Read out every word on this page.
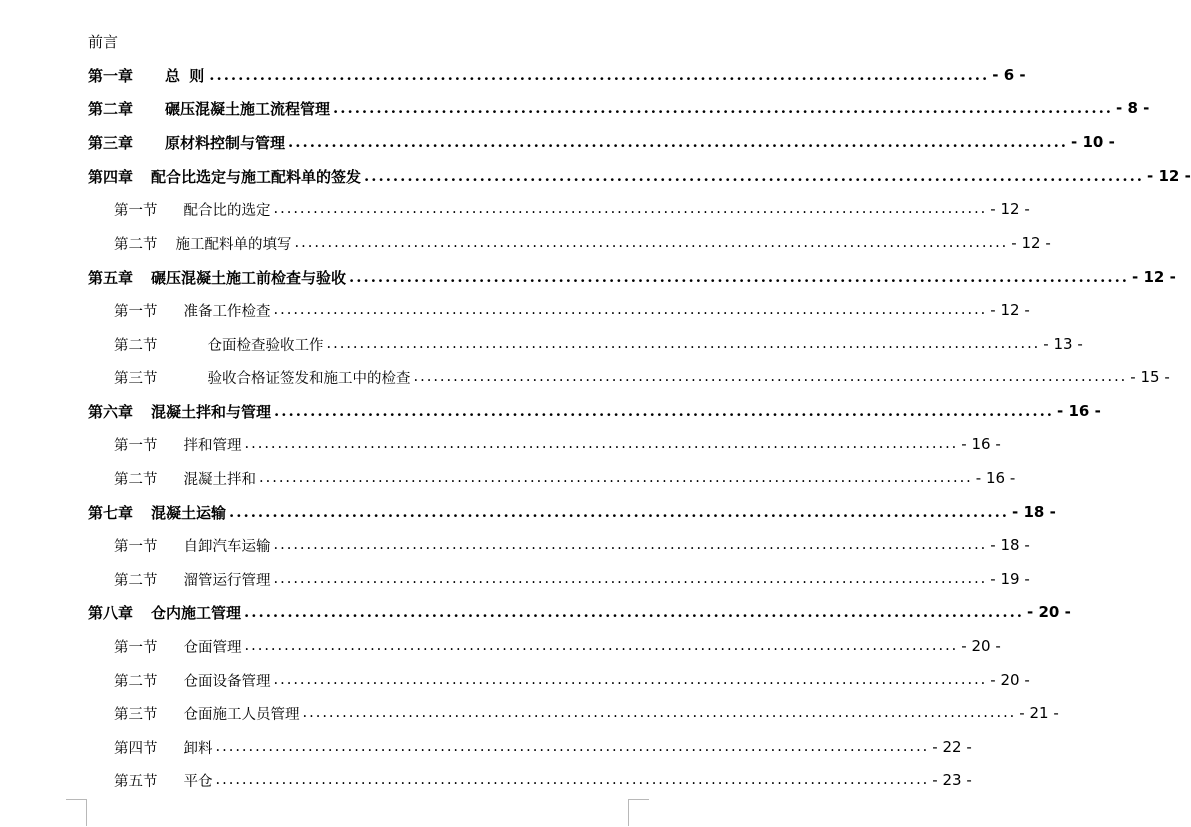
前言
第一章 总 则 ............................................................................................................ - 6 -
第二章 碾压混凝土施工流程管理 ............................................................................................................ - 8 -
第三章 原材料控制与管理 ............................................................................................................ - 10 -
第四章 配合比选定与施工配料单的签发 ............................................................................................................ - 12 -
第一节 配合比的选定 ............................................................................................................ - 12 -
第二节 施工配料单的填写 ............................................................................................................ - 12 -
第五章 碾压混凝土施工前检查与验收 ............................................................................................................ - 12 -
第一节 准备工作检查 ............................................................................................................ - 12 -
第二节	仓面检查验收工作 ............................................................................................................ - 13 -
第三节	验收合格证签发和施工中的检查 ............................................................................................................ - 15 -
第六章 混凝土拌和与管理 ............................................................................................................ - 16 -
第一节 拌和管理 ............................................................................................................ - 16 -
第二节 混凝土拌和 ............................................................................................................ - 16 -
第七章 混凝土运输 ............................................................................................................ - 18 -
第一节 自卸汽车运输 ............................................................................................................ - 18 -
第二节 溜管运行管理 ............................................................................................................ - 19 -
第八章 仓内施工管理 ............................................................................................................ - 20 -
第一节 仓面管理 ............................................................................................................ - 20 -
第二节 仓面设备管理 ............................................................................................................ - 20 -
第三节 仓面施工人员管理 ............................................................................................................ - 21 -
第四节 卸料 ............................................................................................................ - 22 -
第五节 平仓 ............................................................................................................ - 23 -
